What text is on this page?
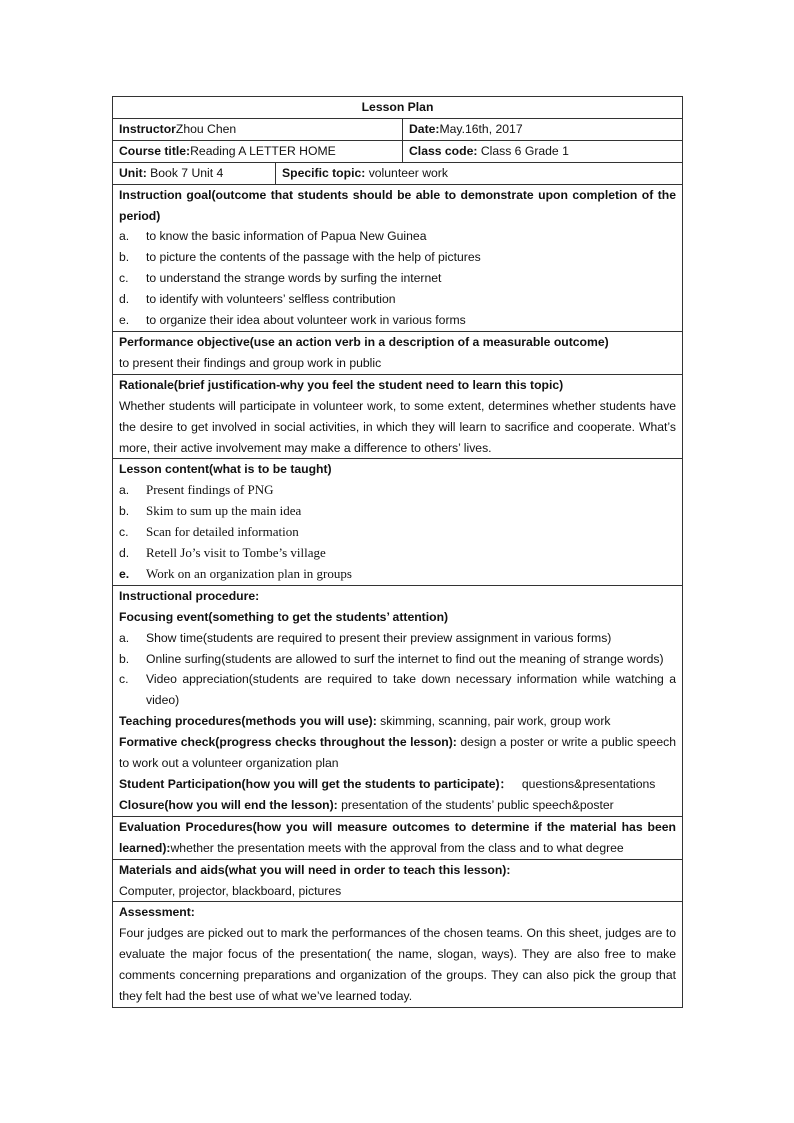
Lesson Plan
InstructorZhou Chen	Date:May.16th, 2017
Course title:Reading A LETTER HOME	Class code: Class 6 Grade 1
Unit: Book 7 Unit 4	Specific topic: volunteer work
Instruction goal(outcome that students should be able to demonstrate upon completion of the period)
a.	to know the basic information of Papua New Guinea
b.	to picture the contents of the passage with the help of pictures
c.	to understand the strange words by surfing the internet
d.	to identify with volunteers’ selfless contribution
e.	to organize their idea about volunteer work in various forms
Performance objective(use an action verb in a description of a measurable outcome)
to present their findings and group work in public
Rationale(brief justification-why you feel the student need to learn this topic)
Whether students will participate in volunteer work, to some extent, determines whether students have the desire to get involved in social activities, in which they will learn to sacrifice and cooperate. What’s more, their active involvement may make a difference to others’ lives.
Lesson content(what is to be taught)
a.	Present findings of PNG
b.	Skim to sum up the main idea
c.	Scan for detailed information
d.	Retell Jo’s visit to Tombe’s village
e.	Work on an organization plan in groups
Instructional procedure:
Focusing event(something to get the students’ attention)
a.	Show time(students are required to present their preview assignment in various forms)
b.	Online surfing(students are allowed to surf the internet to find out the meaning of strange words)
c.	Video appreciation(students are required to take down necessary information while watching a video)
Teaching procedures(methods you will use): skimming, scanning, pair work, group work
Formative check(progress checks throughout the lesson): design a poster or write a public speech to work out a volunteer organization plan
Student Participation(how you will get the students to participate)：   questions&presentations
Closure(how you will end the lesson): presentation of the students’ public speech&poster
Evaluation Procedures(how you will measure outcomes to determine if the material has been learned):whether the presentation meets with the approval from the class and to what degree
Materials and aids(what you will need in order to teach this lesson):
Computer, projector, blackboard, pictures
Assessment:
Four judges are picked out to mark the performances of the chosen teams. On this sheet, judges are to evaluate the major focus of the presentation( the name, slogan, ways). They are also free to make comments concerning preparations and organization of the groups. They can also pick the group that they felt had the best use of what we’ve learned today.
